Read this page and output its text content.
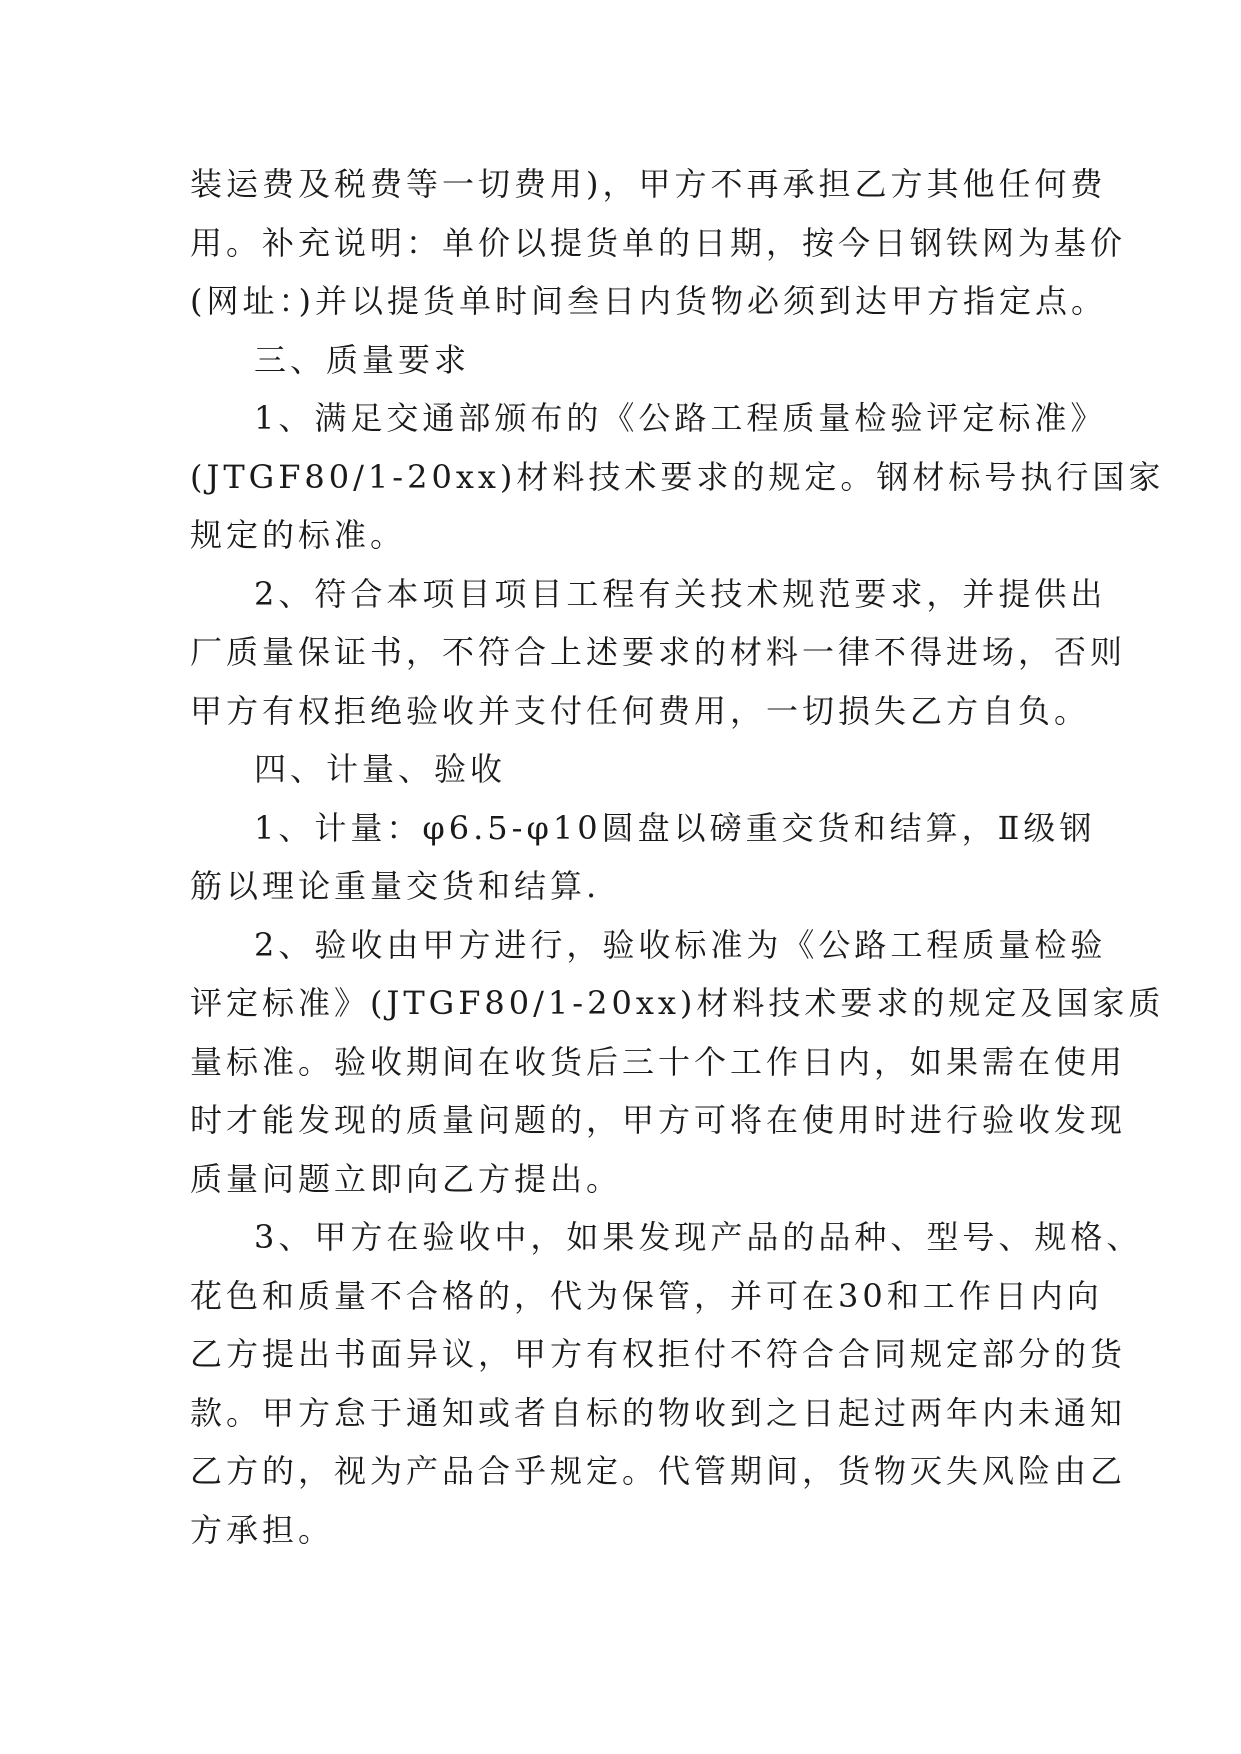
装运费及税费等一切费用)，甲方不再承担乙方其他任何费
用。补充说明：单价以提货单的日期，按今日钢铁网为基价
(网址：)并以提货单时间叁日内货物必须到达甲方指定点。
三、质量要求
1、满足交通部颁布的《公路工程质量检验评定标准》
(JTGF80/1-20xx)材料技术要求的规定。钢材标号执行国家
规定的标准。
2、符合本项目项目工程有关技术规范要求，并提供出
厂质量保证书，不符合上述要求的材料一律不得进场，否则
甲方有权拒绝验收并支付任何费用，一切损失乙方自负。
四、计量、验收
1、计量：φ6.5-φ10圆盘以磅重交货和结算，Ⅱ级钢
筋以理论重量交货和结算.
2、验收由甲方进行，验收标准为《公路工程质量检验
评定标准》(JTGF80/1-20xx)材料技术要求的规定及国家质
量标准。验收期间在收货后三十个工作日内，如果需在使用
时才能发现的质量问题的，甲方可将在使用时进行验收发现
质量问题立即向乙方提出。
3、甲方在验收中，如果发现产品的品种、型号、规格、
花色和质量不合格的，代为保管，并可在30和工作日内向
乙方提出书面异议，甲方有权拒付不符合合同规定部分的货
款。甲方怠于通知或者自标的物收到之日起过两年内未通知
乙方的，视为产品合乎规定。代管期间，货物灭失风险由乙
方承担。
